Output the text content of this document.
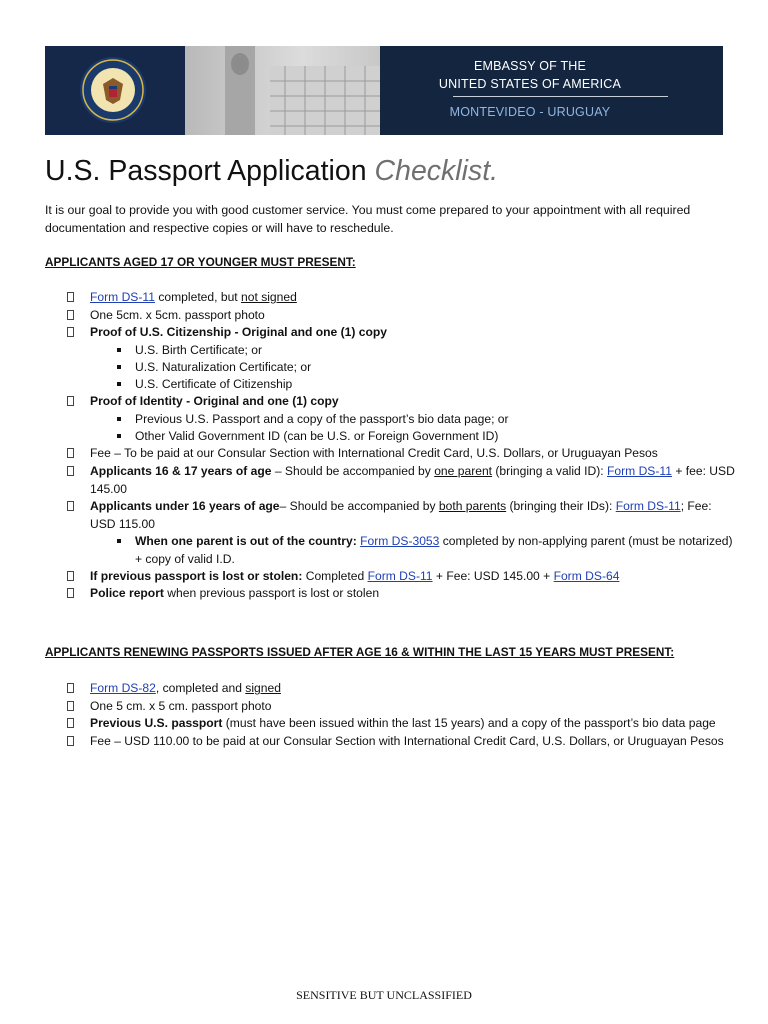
EMBASSY OF THE
UNITED STATES OF AMERICA
MONTEVIDEO - URUGUAY
U.S. Passport Application Checklist.
It is our goal to provide you with good customer service. You must come prepared to your appointment with all required documentation and respective copies or will have to reschedule.
APPLICANTS AGED 17 OR YOUNGER MUST PRESENT:
Form DS-11 completed, but not signed
One 5cm. x 5cm. passport photo
Proof of U.S. Citizenship - Original and one (1) copy
U.S. Birth Certificate; or
U.S. Naturalization Certificate; or
U.S. Certificate of Citizenship
Proof of Identity - Original and one (1) copy
Previous U.S. Passport and a copy of the passport’s bio data page; or
Other Valid Government ID (can be U.S. or Foreign Government ID)
Fee – To be paid at our Consular Section with International Credit Card, U.S. Dollars, or Uruguayan Pesos
Applicants 16 & 17 years of age – Should be accompanied by one parent (bringing a valid ID): Form DS-11 + fee: USD 145.00
Applicants under 16 years of age– Should be accompanied by both parents (bringing their IDs): Form DS-11; Fee: USD 115.00
When one parent is out of the country: Form DS-3053 completed by non-applying parent (must be notarized) + copy of valid I.D.
If previous passport is lost or stolen: Completed Form DS-11 + Fee: USD 145.00 + Form DS-64
Police report when previous passport is lost or stolen
APPLICANTS RENEWING PASSPORTS ISSUED AFTER AGE 16 & WITHIN THE LAST 15 YEARS MUST PRESENT:
Form DS-82, completed and signed
One 5 cm. x 5 cm. passport photo
Previous U.S. passport (must have been issued within the last 15 years) and a copy of the passport’s bio data page
Fee – USD 110.00 to be paid at our Consular Section with International Credit Card, U.S. Dollars, or Uruguayan Pesos
SENSITIVE BUT UNCLASSIFIED
